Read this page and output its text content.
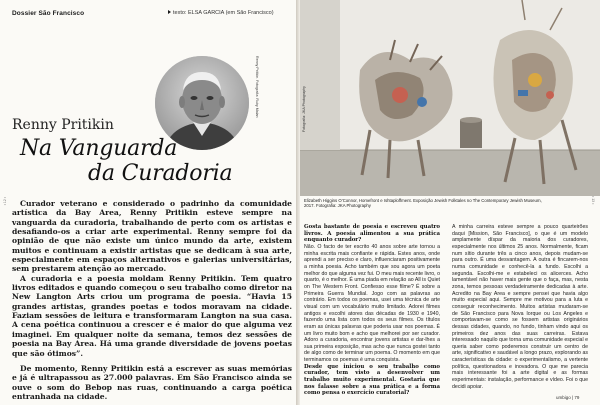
Dossier São Francisco	texto: ELSA GARCIA (em São Francisco)
Renny Pritikin. Fotografia: Ruby Malan
Renny Pritikin
Na Vanguarda
da Curadoria
• 12 •	Curador veterano e considerado o padrinho da comunidade artística da Bay Area, Renny Pritikin esteve sempre na vanguarda da curadoria, trabalhando de perto com os artistas e desafiando-os a criar arte experimental. Renny sempre foi da opinião de que não existe um único mundo da arte, existem muitos e continuam a existir artistas que se dedicam à sua arte, especialmente em espaços alternativos e galerias universitárias, sem prestarem atenção ao mercado.

A curadoria e a poesia moldam Renny Pritikin. Tem quatro livros editados e quando começou o seu trabalho como diretor na New Langton Arts criou um programa de poesia. “Havia 15 grandes artistas, grandes poetas e todos moravam na cidade. Faziam sessões de leitura e transformaram Langton na sua casa. A cena poética continuou a crescer e é maior do que alguma vez imaginei. Em qualquer noite da semana, temos dez sessões de poesia na Bay Area. Há uma grande diversidade de jovens poetas que são ótimos”.

De momento, Renny Pritikin está a escrever as suas memórias e já é ultrapassou as 27.000 palavras. Em São Francisco ainda se ouve o som do Bebop nas ruas, continuando a carga poética entranhada na cidade.

Fotografia: JKA Photography
Elizabeth Higgins O’Connor, Homefront e Ishtaploffment. Exposição Jewish Folktales no The Contemporary Jewish Museum, 2017. Fotografia: JKA Photography
• 13 •

Gosta bastante de poesia e escreveu quatro livros. A poesia alimentou a sua prática enquanto curador?

Não. O facto de ter escrito 40 anos sobre arte tornou a minha escrita mais confiante e rápida. Estes anos, onde aprendi a ser preciso e claro, influenciaram positivamente a minha poesia. Acho também que sou agora um poeta melhor do que alguma vez fui. O meu mais recente livro, o quarto, é o melhor. É uma piada em relação ao All is Quiet on The Western Front. Confiesso esse filme? É sobre a Primeira Guerra Mundial. Jogo com as palavras ao contrário. Em todos os poemas, usei uma técnica de arte visual com um vocabulário muito limitado. Adorei filmes antigos e escolhi atores das décadas de 1930 e 1940, fazendo uma lista com todos os seus filmes. Os títulos eram as únicas palavras que poderia usar nos poemas. É um livro muito bom e acho que melhorei por ser curador. Adoro a curadoria, encontrar jovens artistas e dar-lhes a sua primeira exposição, mas acho que nunca gostei tanto de algo como de terminar um poema. O momento em que terminamos os poemas é uma conquista.

Desde que iniciou o seu trabalho como curador, tem visto a desenvolver um trabalho muito experimental. Gostaria que nos falasse sobre a sua prática e a forma como pensa o exercício curatorial?

A minha carreira esteve sempre a pouco quarteirões daqui [Mission, São Francisco], o que é um modelo amplamente díspar da maioria dos curadores, especialmente nos últimos 25 anos. Normalmente, ficam num sítio durante três a cinco anos, depois mudam-se para outro. É uma desvantagem. A outra é fincarem-nos numa comunidade e conhecê-la a fundo. Escolhi a segunda. Escolhi-me e estabeleci os alicerces. Acho lamentável não haver mais gente que o faça, mas, nesta zona, temos pessoas verdadeiramente dedicadas à arte. Acredito na Bay Area e sempre pensei que havia algo muito especial aqui. Sempre me motivou para a luta e conseguir reconhecimento. Muitos artistas mudaram-se de São Francisco para Nova Iorque ou Los Angeles e comportavam-se como se fossem artistas originários dessas cidades, quando, no fundo, tinham vindo aqui os primeiros dez anos das suas carreiras. Estava interessado naquilo que torna uma comunidade especial e queria saber como poderemos construir um centro de arte, significativo e saudável a longo prazo, explorando as características da cidade: o experimentalismo, a vertente política, questionadora e inovadora. O que me parecia mais interessante foi a arte digital e as formas experimentais: instalação, performance e vídeo. Foi o que decidi apoiar.

umbigo | 79
